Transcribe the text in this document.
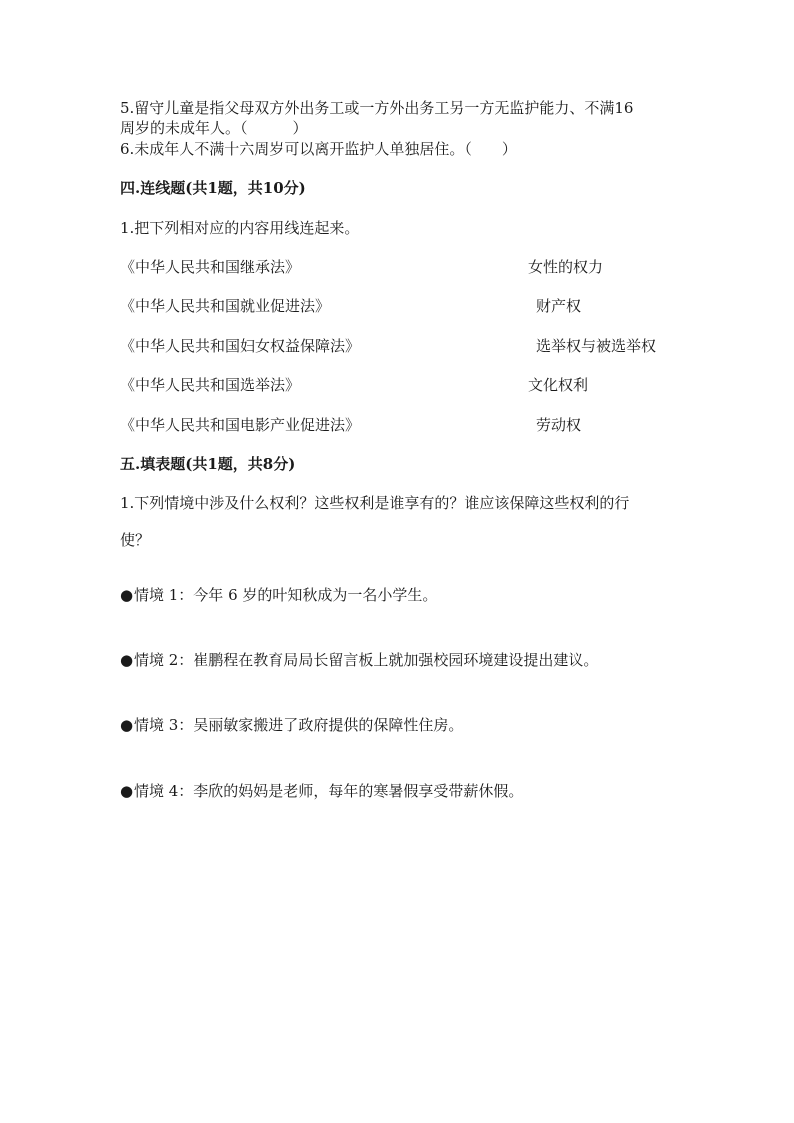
5.留守儿童是指父母双方外出务工或一方外出务工另一方无监护能力、不满16
周岁的未成年人。（　　　）
6.未成年人不满十六周岁可以离开监护人单独居住。（　　）
四.连线题(共1题，共10分)
1.把下列相对应的内容用线连起来。
《中华人民共和国继承法》
《中华人民共和国就业促进法》
《中华人民共和国妇女权益保障法》
《中华人民共和国选举法》
《中华人民共和国电影产业促进法》
女性的权力
财产权
选举权与被选举权
文化权利
劳动权
五.填表题(共1题，共8分)
1.下列情境中涉及什么权利？这些权利是谁享有的？谁应该保障这些权利的行
使？
●情境 1：今年 6 岁的叶知秋成为一名小学生。
●情境 2：崔鹏程在教育局局长留言板上就加强校园环境建设提出建议。
●情境 3：吴丽敏家搬进了政府提供的保障性住房。
●情境 4：李欣的妈妈是老师，每年的寒暑假享受带薪休假。
